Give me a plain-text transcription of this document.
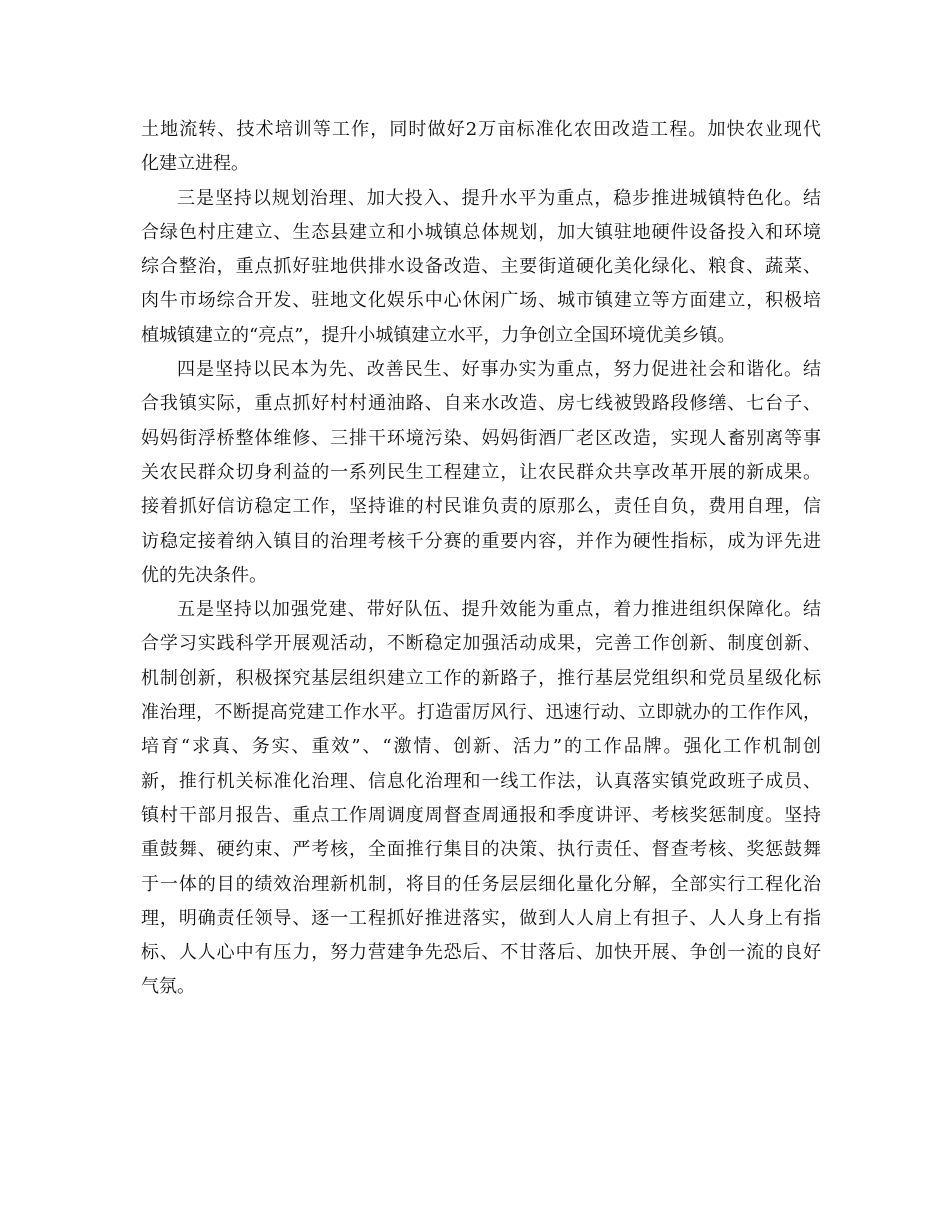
土地流转、技术培训等工作，同时做好2万亩标准化农田改造工程。加快农业现代
化建立进程。
三是坚持以规划治理、加大投入、提升水平为重点，稳步推进城镇特色化。结
合绿色村庄建立、生态县建立和小城镇总体规划，加大镇驻地硬件设备投入和环境
综合整治，重点抓好驻地供排水设备改造、主要街道硬化美化绿化、粮食、蔬菜、
肉牛市场综合开发、驻地文化娱乐中心休闲广场、城市镇建立等方面建立，积极培
植城镇建立的“亮点”，提升小城镇建立水平，力争创立全国环境优美乡镇。
四是坚持以民本为先、改善民生、好事办实为重点，努力促进社会和谐化。结
合我镇实际，重点抓好村村通油路、自来水改造、房七线被毁路段修缮、七台子、
妈妈街浮桥整体维修、三排干环境污染、妈妈街酒厂老区改造，实现人畜别离等事
关农民群众切身利益的一系列民生工程建立，让农民群众共享改革开展的新成果。
接着抓好信访稳定工作，坚持谁的村民谁负责的原那么，责任自负，费用自理，信
访稳定接着纳入镇目的治理考核千分赛的重要内容，并作为硬性指标，成为评先进
优的先决条件。
五是坚持以加强党建、带好队伍、提升效能为重点，着力推进组织保障化。结
合学习实践科学开展观活动，不断稳定加强活动成果，完善工作创新、制度创新、
机制创新，积极探究基层组织建立工作的新路子，推行基层党组织和党员星级化标
准治理，不断提高党建工作水平。打造雷厉风行、迅速行动、立即就办的工作作风，
培育“求真、务实、重效”、“激情、创新、活力”的工作品牌。强化工作机制创
新，推行机关标准化治理、信息化治理和一线工作法，认真落实镇党政班子成员、
镇村干部月报告、重点工作周调度周督查周通报和季度讲评、考核奖惩制度。坚持
重鼓舞、硬约束、严考核，全面推行集目的决策、执行责任、督查考核、奖惩鼓舞
于一体的目的绩效治理新机制，将目的任务层层细化量化分解，全部实行工程化治
理，明确责任领导、逐一工程抓好推进落实，做到人人肩上有担子、人人身上有指
标、人人心中有压力，努力营建争先恐后、不甘落后、加快开展、争创一流的良好
气氛。
